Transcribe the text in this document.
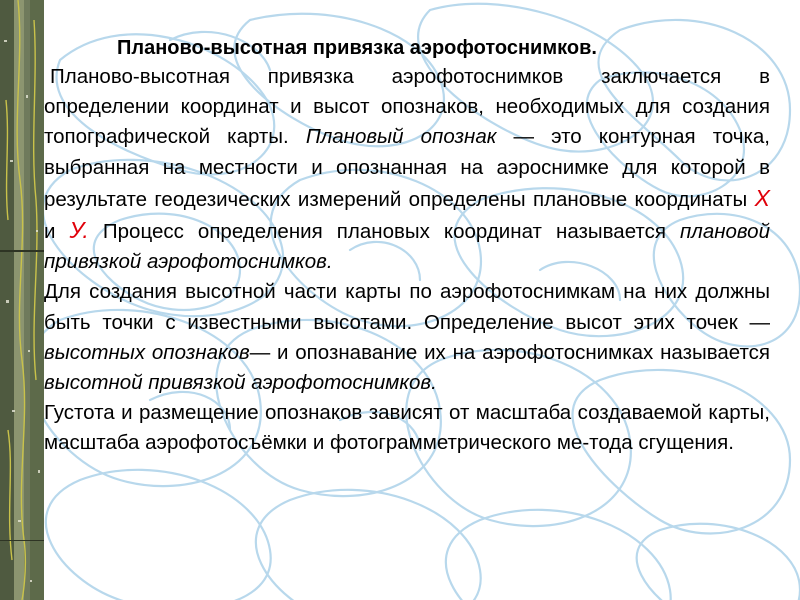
Планово-высотная привязка аэрофотоснимков.

Планово-высотная привязка аэрофотоснимков заключается в определении координат и высот опознаков, необходимых для создания топографической карты. Плановый опознак — это контурная точка, выбранная на местности и опознанная на аэроснимке для которой в результате геодезических измерений определены плановые координаты X и У. Процесс определения плановых координат называется плановой привязкой аэрофотоснимков.

Для создания высотной части карты по аэрофотоснимкам на них должны быть точки с известными высотами. Определение высот этих точек — высотных опознаков— и опознавание их на аэрофотоснимках называется высотной привязкой аэрофотоснимков.

Густота и размещение опознаков зависят от масштаба создаваемой карты, масштаба аэрофотосъёмки и фотограмметрического ме-тода сгущения.
